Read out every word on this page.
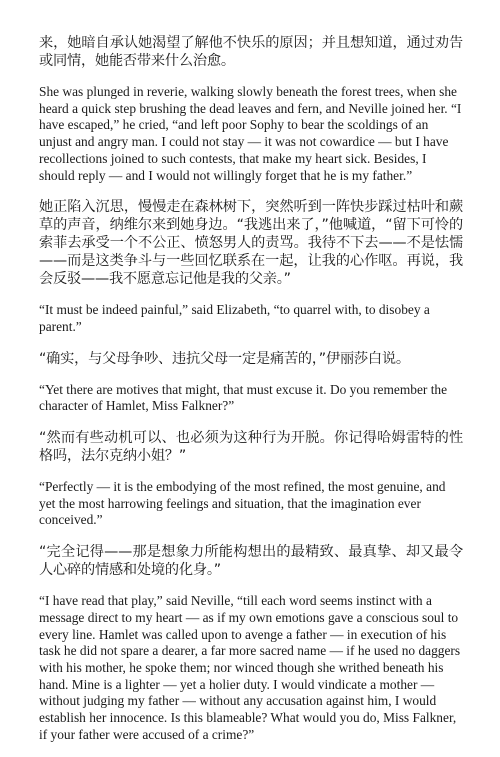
来，她暗自承认她渴望了解他不快乐的原因；并且想知道，通过劝告或同情，她能否带来什么治愈。

She was plunged in reverie, walking slowly beneath the forest trees, when she heard a quick step brushing the dead leaves and fern, and Neville joined her. “I have escaped,” he cried, “and left poor Sophy to bear the scoldings of an unjust and angry man. I could not stay — it was not cowardice — but I have recollections joined to such contests, that make my heart sick. Besides, I should reply — and I would not willingly forget that he is my father.”

她正陷入沉思，慢慢走在森林树下，突然听到一阵快步踩过枯叶和蕨草的声音，纳维尔来到她身边。“我逃出来了，”他喊道，“留下可怜的索菲去承受一个不公正、愤怒男人的责骂。我待不下去——不是怯懦——而是这类争斗与一些回忆联系在一起，让我的心作呕。再说，我会反驳——我不愿意忘记他是我的父亲。”

“It must be indeed painful,” said Elizabeth, “to quarrel with, to disobey a parent.”

“确实，与父母争吵、违抗父母一定是痛苦的，”伊丽莎白说。

“Yet there are motives that might, that must excuse it. Do you remember the character of Hamlet, Miss Falkner?”

“然而有些动机可以、也必须为这种行为开脱。你记得哈姆雷特的性格吗，法尔克纳小姐？”

“Perfectly — it is the embodying of the most refined, the most genuine, and yet the most harrowing feelings and situation, that the imagination ever conceived.”

“完全记得——那是想象力所能构想出的最精致、最真挚、却又最令人心碎的情感和处境的化身。”

“I have read that play,” said Neville, “till each word seems instinct with a message direct to my heart — as if my own emotions gave a conscious soul to every line. Hamlet was called upon to avenge a father — in execution of his task he did not spare a dearer, a far more sacred name — if he used no daggers with his mother, he spoke them; nor winced though she writhed beneath his hand. Mine is a lighter — yet a holier duty. I would vindicate a mother — without judging my father — without any accusation against him, I would establish her innocence. Is this blameable? What would you do, Miss Falkner, if your father were accused of a crime?”
